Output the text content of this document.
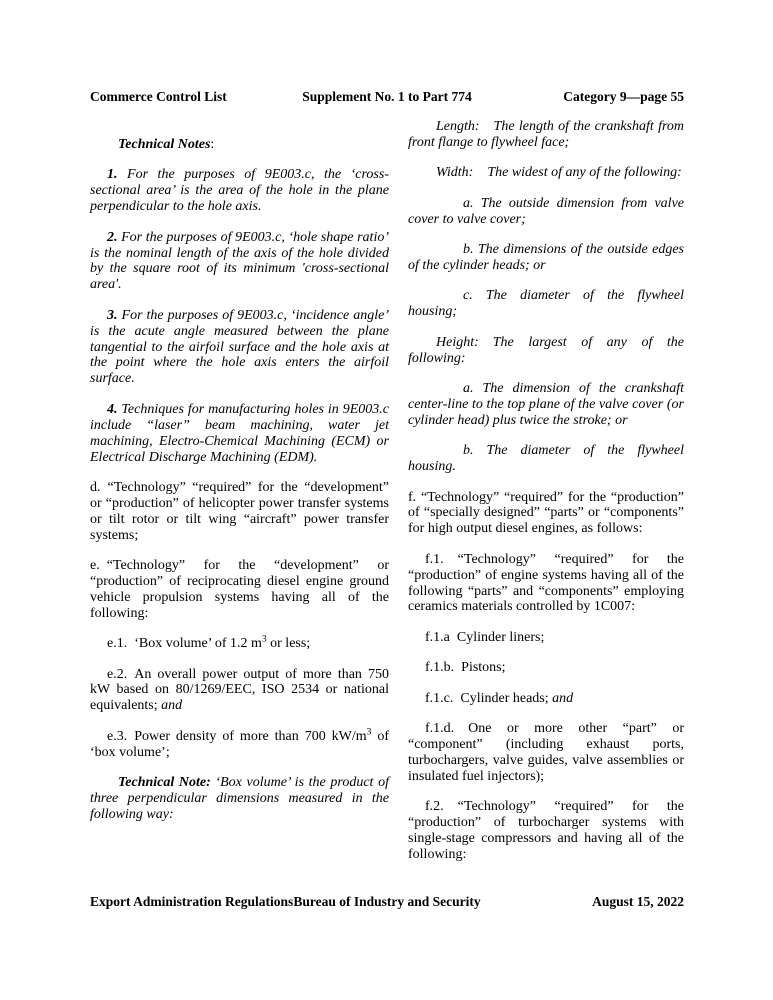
Commerce Control List	Supplement No. 1 to Part 774	Category 9—page 55

Technical Notes:

1. For the purposes of 9E003.c, the ‘cross-sectional area’ is the area of the hole in the plane perpendicular to the hole axis.

2. For the purposes of 9E003.c, ‘hole shape ratio’ is the nominal length of the axis of the hole divided by the square root of its minimum 'cross-sectional area'.

3. For the purposes of 9E003.c, ‘incidence angle’ is the acute angle measured between the plane tangential to the airfoil surface and the hole axis at the point where the hole axis enters the airfoil surface.

4. Techniques for manufacturing holes in 9E003.c include “laser” beam machining, water jet machining, Electro-Chemical Machining (ECM) or Electrical Discharge Machining (EDM).

d. “Technology” “required” for the “development” or “production” of helicopter power transfer systems or tilt rotor or tilt wing “aircraft” power transfer systems;

e. “Technology” for the “development” or “production” of reciprocating diesel engine ground vehicle propulsion systems having all of the following:

e.1. ‘Box volume’ of 1.2 $m^3$ or less;

e.2. An overall power output of more than 750 kW based on 80/1269/EEC, ISO 2534 or national equivalents; and

e.3. Power density of more than 700 $kW/m^3$ of ‘box volume’;

Technical Note: ‘Box volume’ is the product of three perpendicular dimensions measured in the following way:

Length: The length of the crankshaft from front flange to flywheel face;

Width: The widest of any of the following:

a. The outside dimension from valve cover to valve cover;

b. The dimensions of the outside edges of the cylinder heads; or

c. The diameter of the flywheel housing;

Height: The largest of any of the following:

a. The dimension of the crankshaft center-line to the top plane of the valve cover (or cylinder head) plus twice the stroke; or

b. The diameter of the flywheel housing.

f. “Technology” “required” for the “production” of “specially designed” “parts” or “components” for high output diesel engines, as follows:

f.1. “Technology” “required” for the “production” of engine systems having all of the following “parts” and “components” employing ceramics materials controlled by 1C007:

f.1.a Cylinder liners;

f.1.b. Pistons;

f.1.c. Cylinder heads; and

f.1.d. One or more other “part” or “component” (including exhaust ports, turbochargers, valve guides, valve assemblies or insulated fuel injectors);

f.2. “Technology” “required” for the “production” of turbocharger systems with single-stage compressors and having all of the following:

Export Administration Regulations Bureau of Industry and Security	August 15, 2022
